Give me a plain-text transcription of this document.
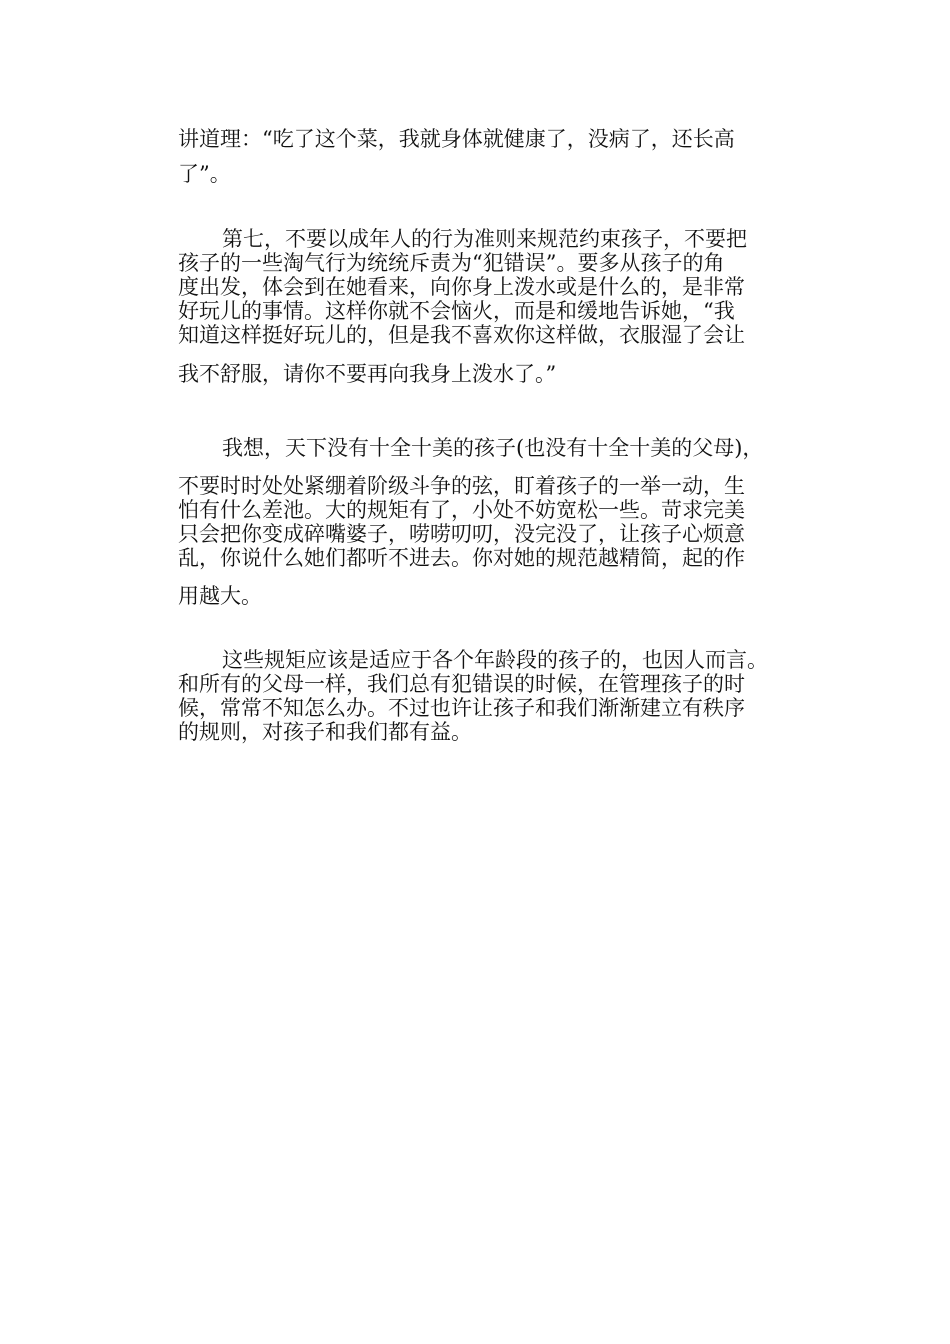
讲道理：“吃了这个菜，我就身体就健康了，没病了，还长高
了”。
第七，不要以成年人的行为准则来规范约束孩子，不要把
孩子的一些淘气行为统统斥责为“犯错误”。要多从孩子的角
度出发，体会到在她看来，向你身上泼水或是什么的，是非常
好玩儿的事情。这样你就不会恼火，而是和缓地告诉她，“我
知道这样挺好玩儿的，但是我不喜欢你这样做，衣服湿了会让
我不舒服，请你不要再向我身上泼水了。”
我想，天下没有十全十美的孩子(也没有十全十美的父母)，
不要时时处处紧绷着阶级斗争的弦，盯着孩子的一举一动，生
怕有什么差池。大的规矩有了，小处不妨宽松一些。苛求完美
只会把你变成碎嘴婆子，唠唠叨叨，没完没了，让孩子心烦意
乱，你说什么她们都听不进去。你对她的规范越精简，起的作
用越大。
这些规矩应该是适应于各个年龄段的孩子的，也因人而言。
和所有的父母一样，我们总有犯错误的时候，在管理孩子的时
候，常常不知怎么办。不过也许让孩子和我们渐渐建立有秩序
的规则，对孩子和我们都有益。
